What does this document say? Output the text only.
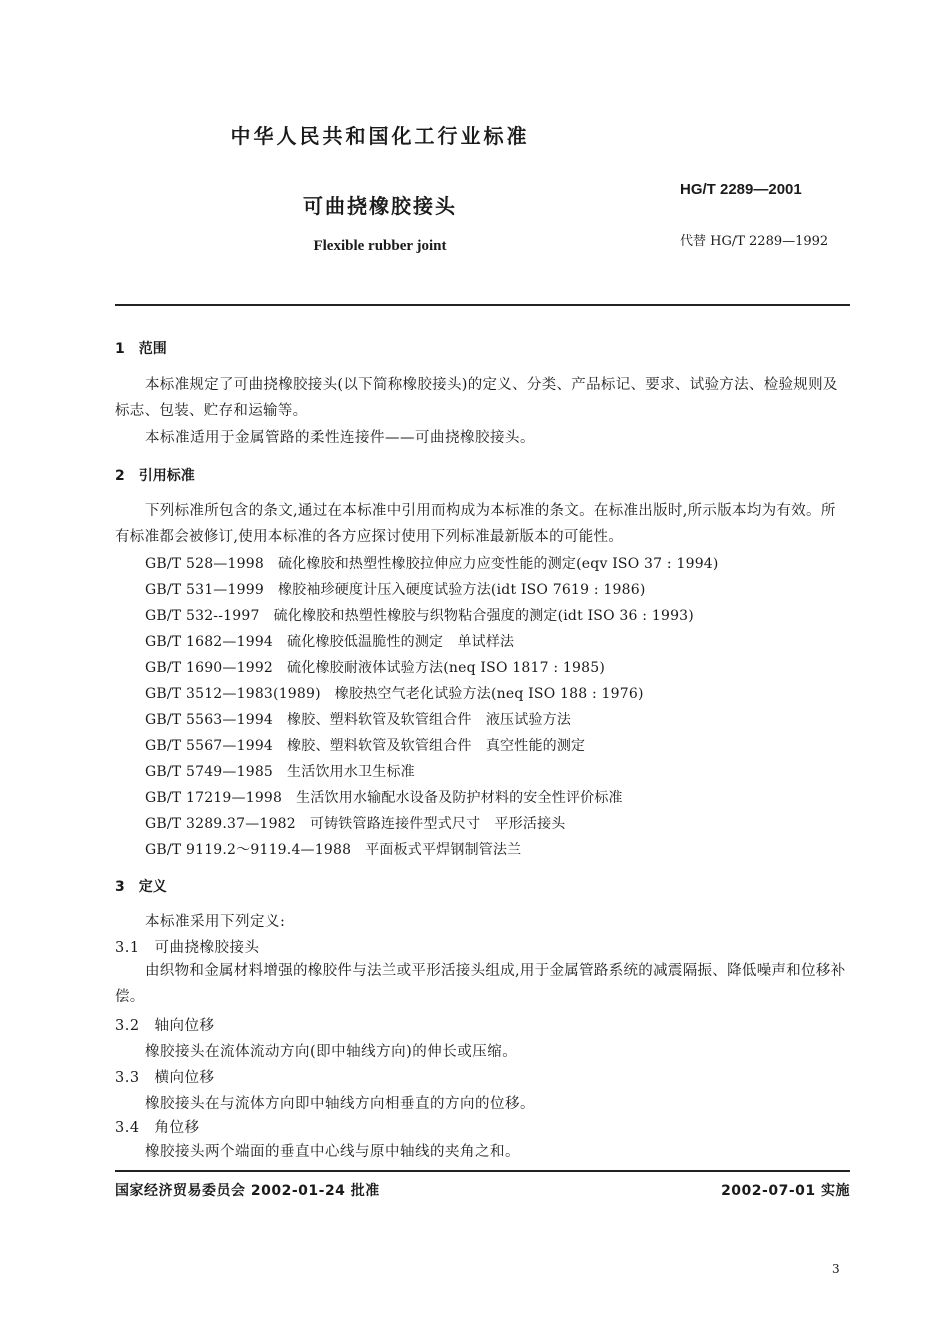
中华人民共和国化工行业标准
可曲挠橡胶接头
Flexible rubber joint
HG/T 2289—2001
代替 HG/T 2289—1992
1　范围
本标准规定了可曲挠橡胶接头(以下简称橡胶接头)的定义、分类、产品标记、要求、试验方法、检验规则及标志、包装、贮存和运输等。
本标准适用于金属管路的柔性连接件——可曲挠橡胶接头。
2　引用标准
下列标准所包含的条文,通过在本标准中引用而构成为本标准的条文。在标准出版时,所示版本均为有效。所有标准都会被修订,使用本标准的各方应探讨使用下列标准最新版本的可能性。
GB/T 528—1998 硫化橡胶和热塑性橡胶拉伸应力应变性能的测定(eqv ISO 37 : 1994)
GB/T 531—1999 橡胶袖珍硬度计压入硬度试验方法(idt ISO 7619 : 1986)
GB/T 532--1997 硫化橡胶和热塑性橡胶与织物粘合强度的测定(idt ISO 36 : 1993)
GB/T 1682—1994 硫化橡胶低温脆性的测定　单试样法
GB/T 1690—1992 硫化橡胶耐液体试验方法(neq ISO 1817 : 1985)
GB/T 3512—1983(1989) 橡胶热空气老化试验方法(neq ISO 188 : 1976)
GB/T 5563—1994 橡胶、塑料软管及软管组合件　液压试验方法
GB/T 5567—1994 橡胶、塑料软管及软管组合件　真空性能的测定
GB/T 5749—1985 生活饮用水卫生标准
GB/T 17219—1998 生活饮用水输配水设备及防护材料的安全性评价标准
GB/T 3289.37—1982 可铸铁管路连接件型式尺寸　平形活接头
GB/T 9119.2～9119.4—1988 平面板式平焊钢制管法兰
3　定义
本标准采用下列定义:
3.1　可曲挠橡胶接头
由织物和金属材料增强的橡胶件与法兰或平形活接头组成,用于金属管路系统的减震隔振、降低噪声和位移补偿。
3.2　轴向位移
橡胶接头在流体流动方向(即中轴线方向)的伸长或压缩。
3.3　横向位移
橡胶接头在与流体方向即中轴线方向相垂直的方向的位移。
3.4　角位移
橡胶接头两个端面的垂直中心线与原中轴线的夹角之和。
国家经济贸易委员会 2002-01-24 批准	2002-07-01 实施
3
